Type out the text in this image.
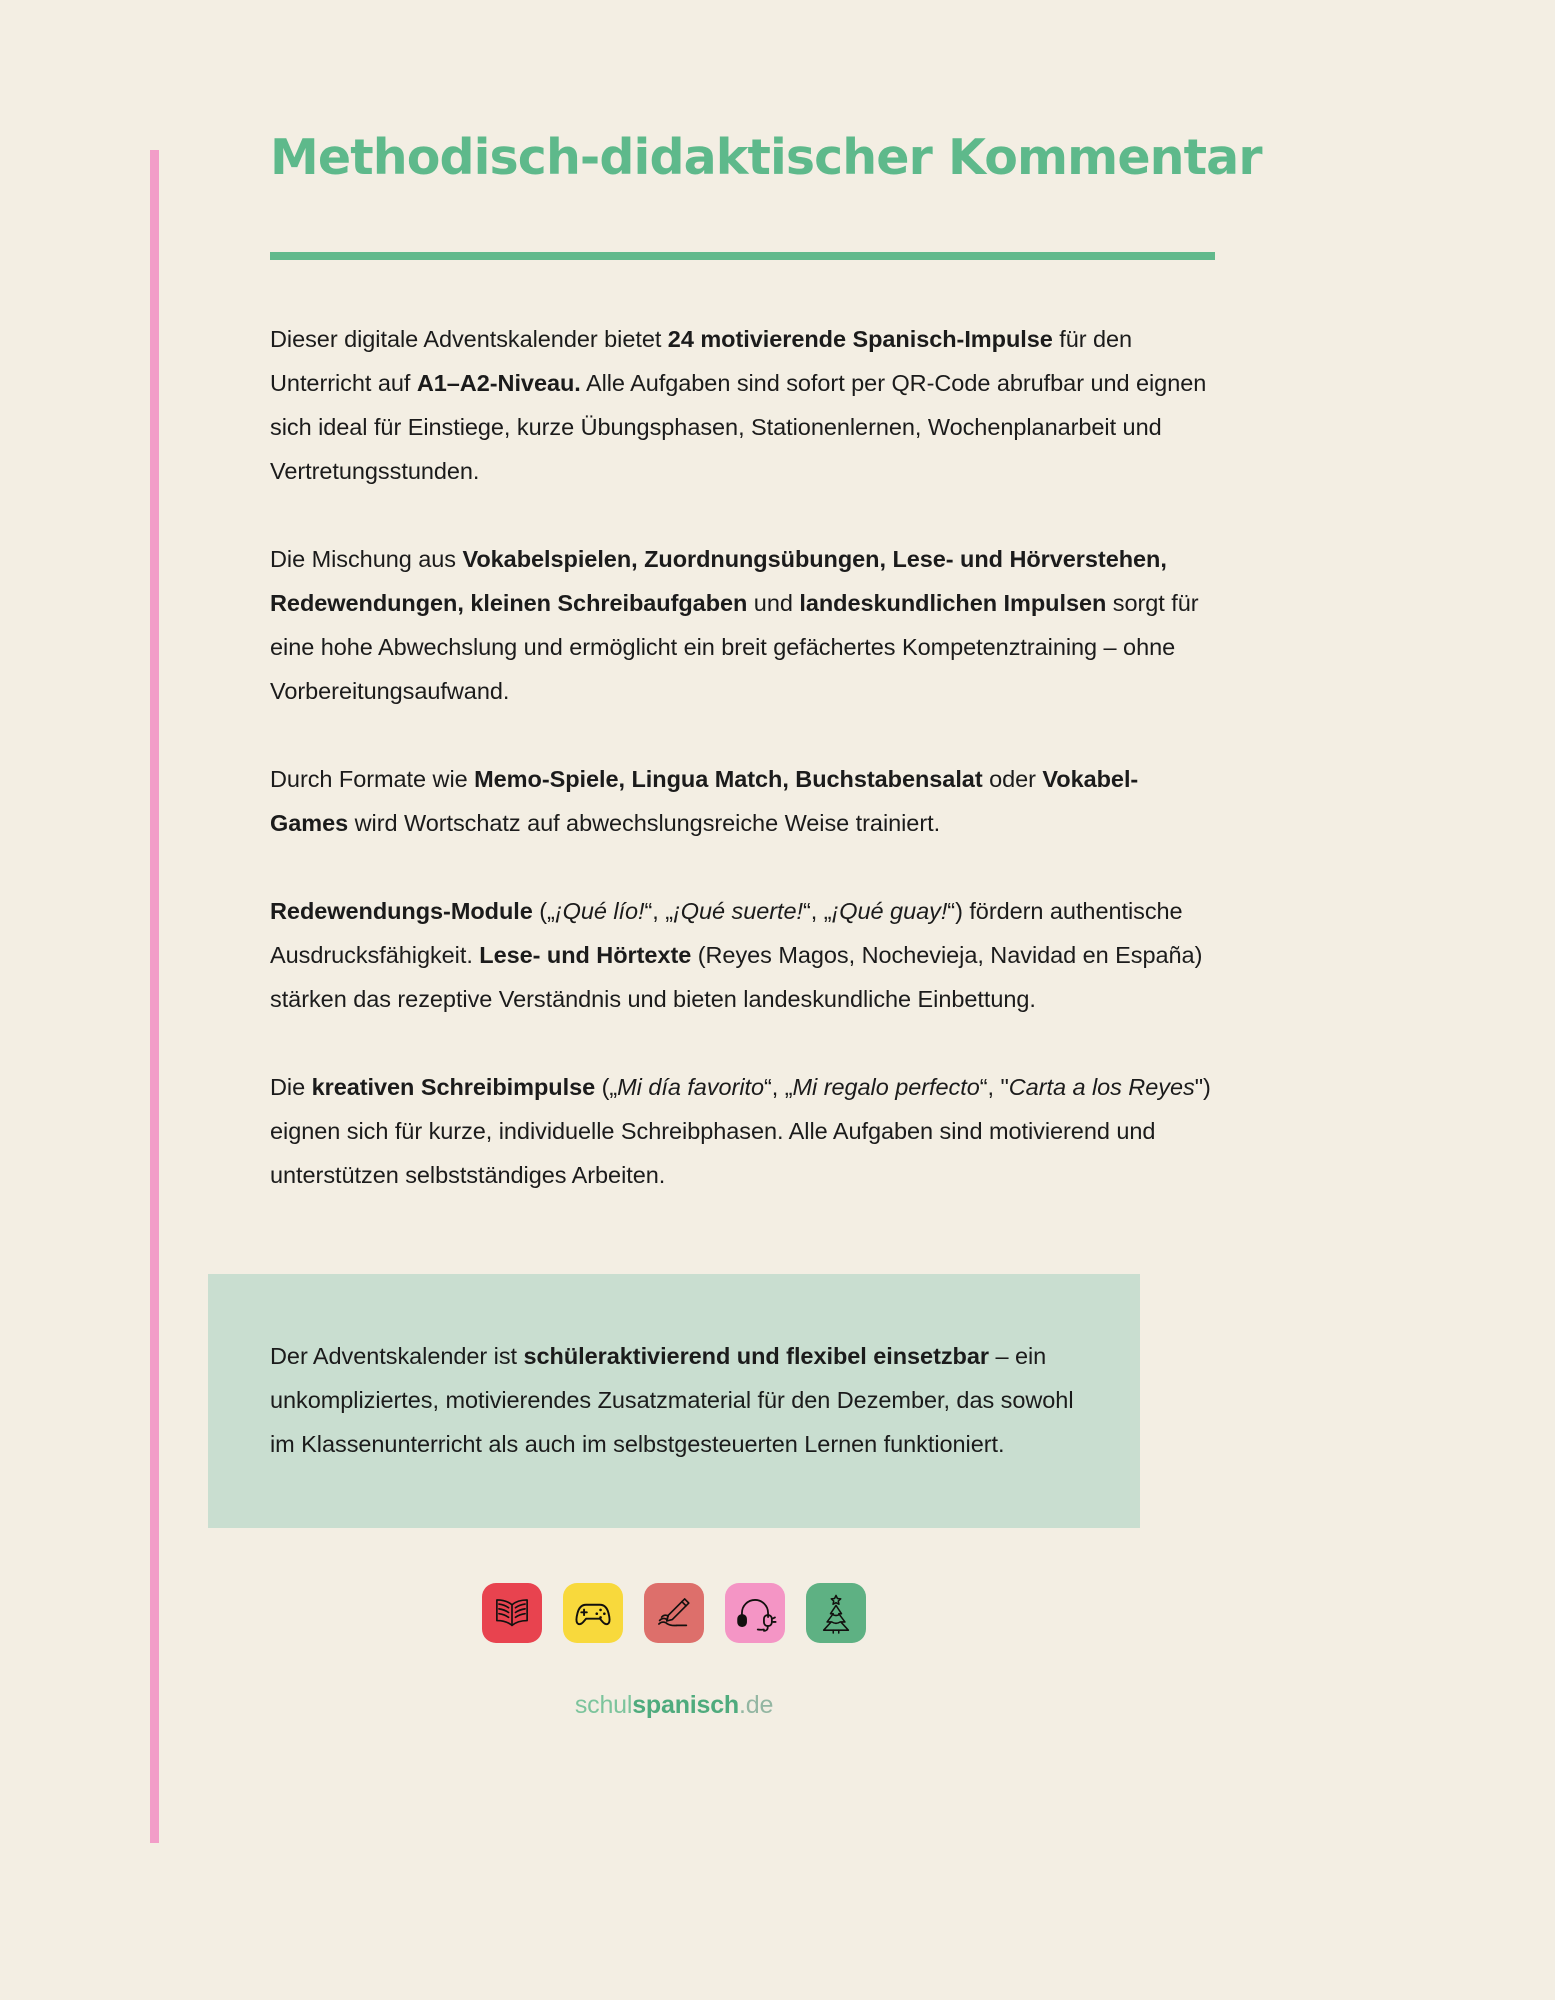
Methodisch-didaktischer Kommentar

Dieser digitale Adventskalender bietet 24 motivierende Spanisch-Impulse für den Unterricht auf A1–A2-Niveau. Alle Aufgaben sind sofort per QR-Code abrufbar und eignen sich ideal für Einstiege, kurze Übungsphasen, Stationenlernen, Wochenplanarbeit und Vertretungsstunden.

Die Mischung aus Vokabelspielen, Zuordnungsübungen, Lese- und Hörverstehen, Redewendungen, kleinen Schreibaufgaben und landeskundlichen Impulsen sorgt für eine hohe Abwechslung und ermöglicht ein breit gefächertes Kompetenztraining – ohne Vorbereitungsaufwand.

Durch Formate wie Memo-Spiele, Lingua Match, Buchstabensalat oder Vokabel-Games wird Wortschatz auf abwechslungsreiche Weise trainiert.

Redewendungs-Module („¡Qué lío!“, „¡Qué suerte!“, „¡Qué guay!“) fördern authentische Ausdrucksfähigkeit. Lese- und Hörtexte (Reyes Magos, Nochevieja, Navidad en España) stärken das rezeptive Verständnis und bieten landeskundliche Einbettung.

Die kreativen Schreibimpulse („Mi día favorito“, „Mi regalo perfecto“, "Carta a los Reyes") eignen sich für kurze, individuelle Schreibphasen. Alle Aufgaben sind motivierend und unterstützen selbstständiges Arbeiten.

Der Adventskalender ist schüleraktivierend und flexibel einsetzbar – ein unkompliziertes, motivierendes Zusatzmaterial für den Dezember, das sowohl im Klassenunterricht als auch im selbstgesteuerten Lernen funktioniert.

schulspanisch.de
